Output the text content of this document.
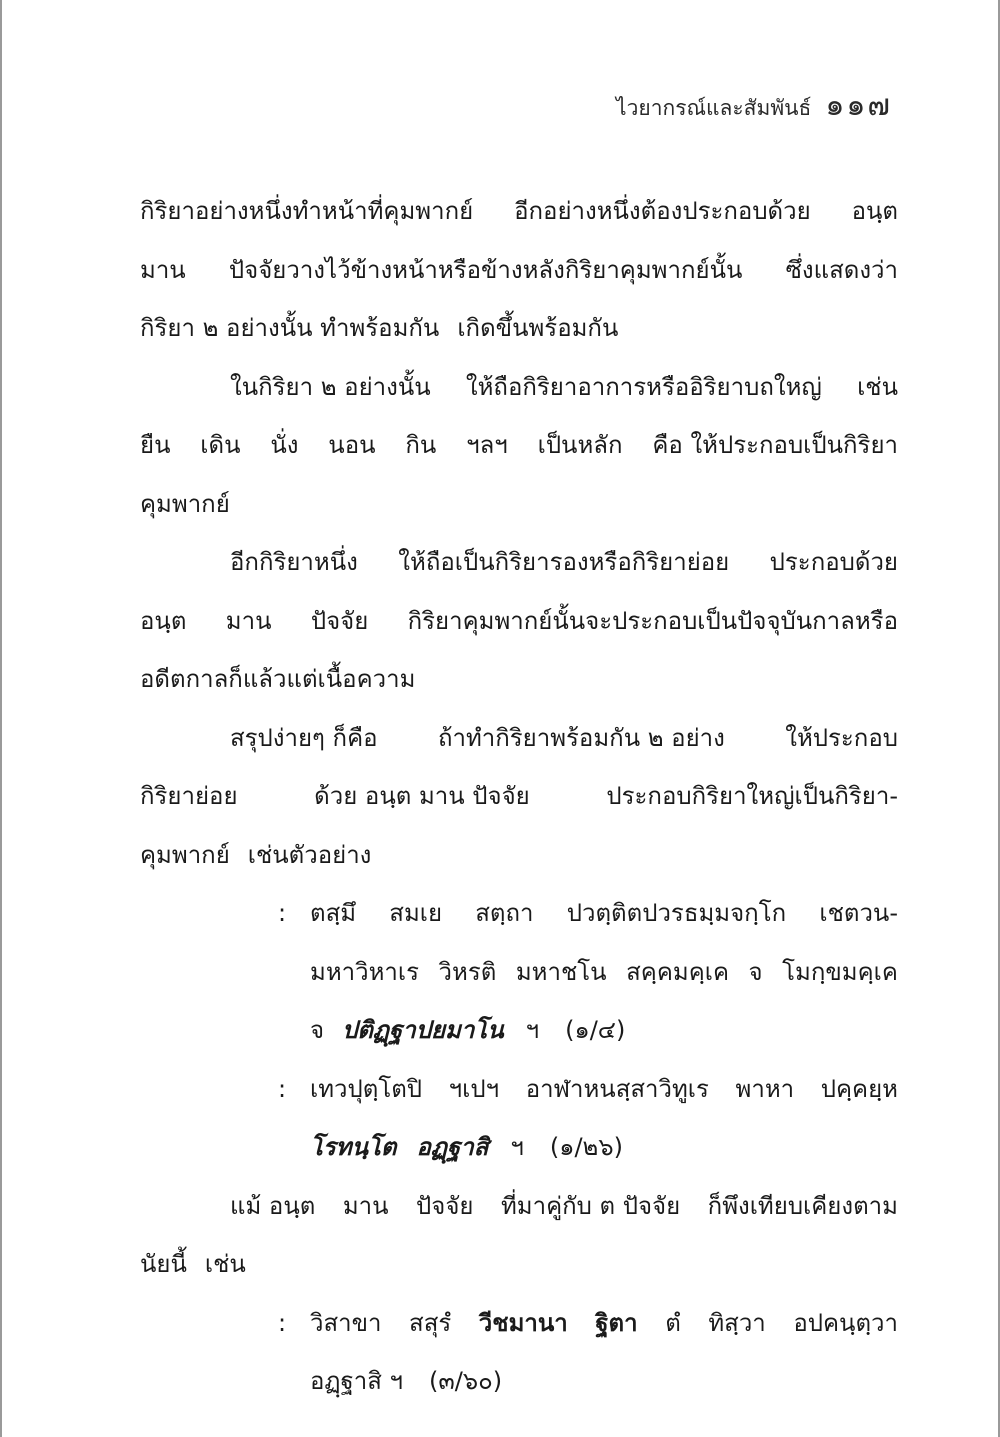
ไวยากรณ์และสัมพันธ์ ๑๑๗
กิริยาอย่างหนึ่งทำหน้าที่คุมพากย์ อีกอย่างหนึ่งต้องประกอบด้วย อนฺต
มาน ปัจจัยวางไว้ข้างหน้าหรือข้างหลังกิริยาคุมพากย์นั้น ซึ่งแสดงว่า
กิริยา ๒ อย่างนั้น ทำพร้อมกัน เกิดขึ้นพร้อมกัน
ในกิริยา ๒ อย่างนั้น ให้ถือกิริยาอาการหรืออิริยาบถใหญ่ เช่น
ยืน เดิน นั่ง นอน กิน ฯลฯ เป็นหลัก คือ ให้ประกอบเป็นกิริยา
คุมพากย์
อีกกิริยาหนึ่ง ให้ถือเป็นกิริยารองหรือกิริยาย่อย ประกอบด้วย
อนฺต มาน ปัจจัย กิริยาคุมพากย์นั้นจะประกอบเป็นปัจจุบันกาลหรือ
อดีตกาลก็แล้วแต่เนื้อความ
สรุปง่ายๆ ก็คือ	ถ้าทำกิริยาพร้อมกัน ๒ อย่าง	ให้ประกอบ
กิริยาย่อย	ด้วย อนฺต มาน ปัจจัย	ประกอบกิริยาใหญ่เป็นกิริยา-
คุมพากย์ เช่นตัวอย่าง
: ตสฺมึ สมเย สตฺถา ปวตฺติตปวรธมฺมจกฺโก เชตวน-
มหาวิหาเร วิหรติ มหาชโน สคฺคมคฺเค จ โมกฺขมคฺเค
จ ปติฏฺฐาปยมาโน ฯ (๑/๔)
: เทวปุตฺโตปิ ฯเปฯ อาฬาหนสฺสาวิทูเร พาหา ปคฺคยฺห
โรทนฺโต อฏฺฐาสิ ฯ (๑/๒๖)
แม้ อนฺต มาน ปัจจัย ที่มาคู่กับ ต ปัจจัย ก็พึงเทียบเคียงตาม
นัยนี้ เช่น
: วิสาขา สสุรํ วีชมานา ฐิตา ตํ ทิสฺวา อปคนฺตฺวา
อฏฺฐาสิ ฯ (๓/๖๐)
